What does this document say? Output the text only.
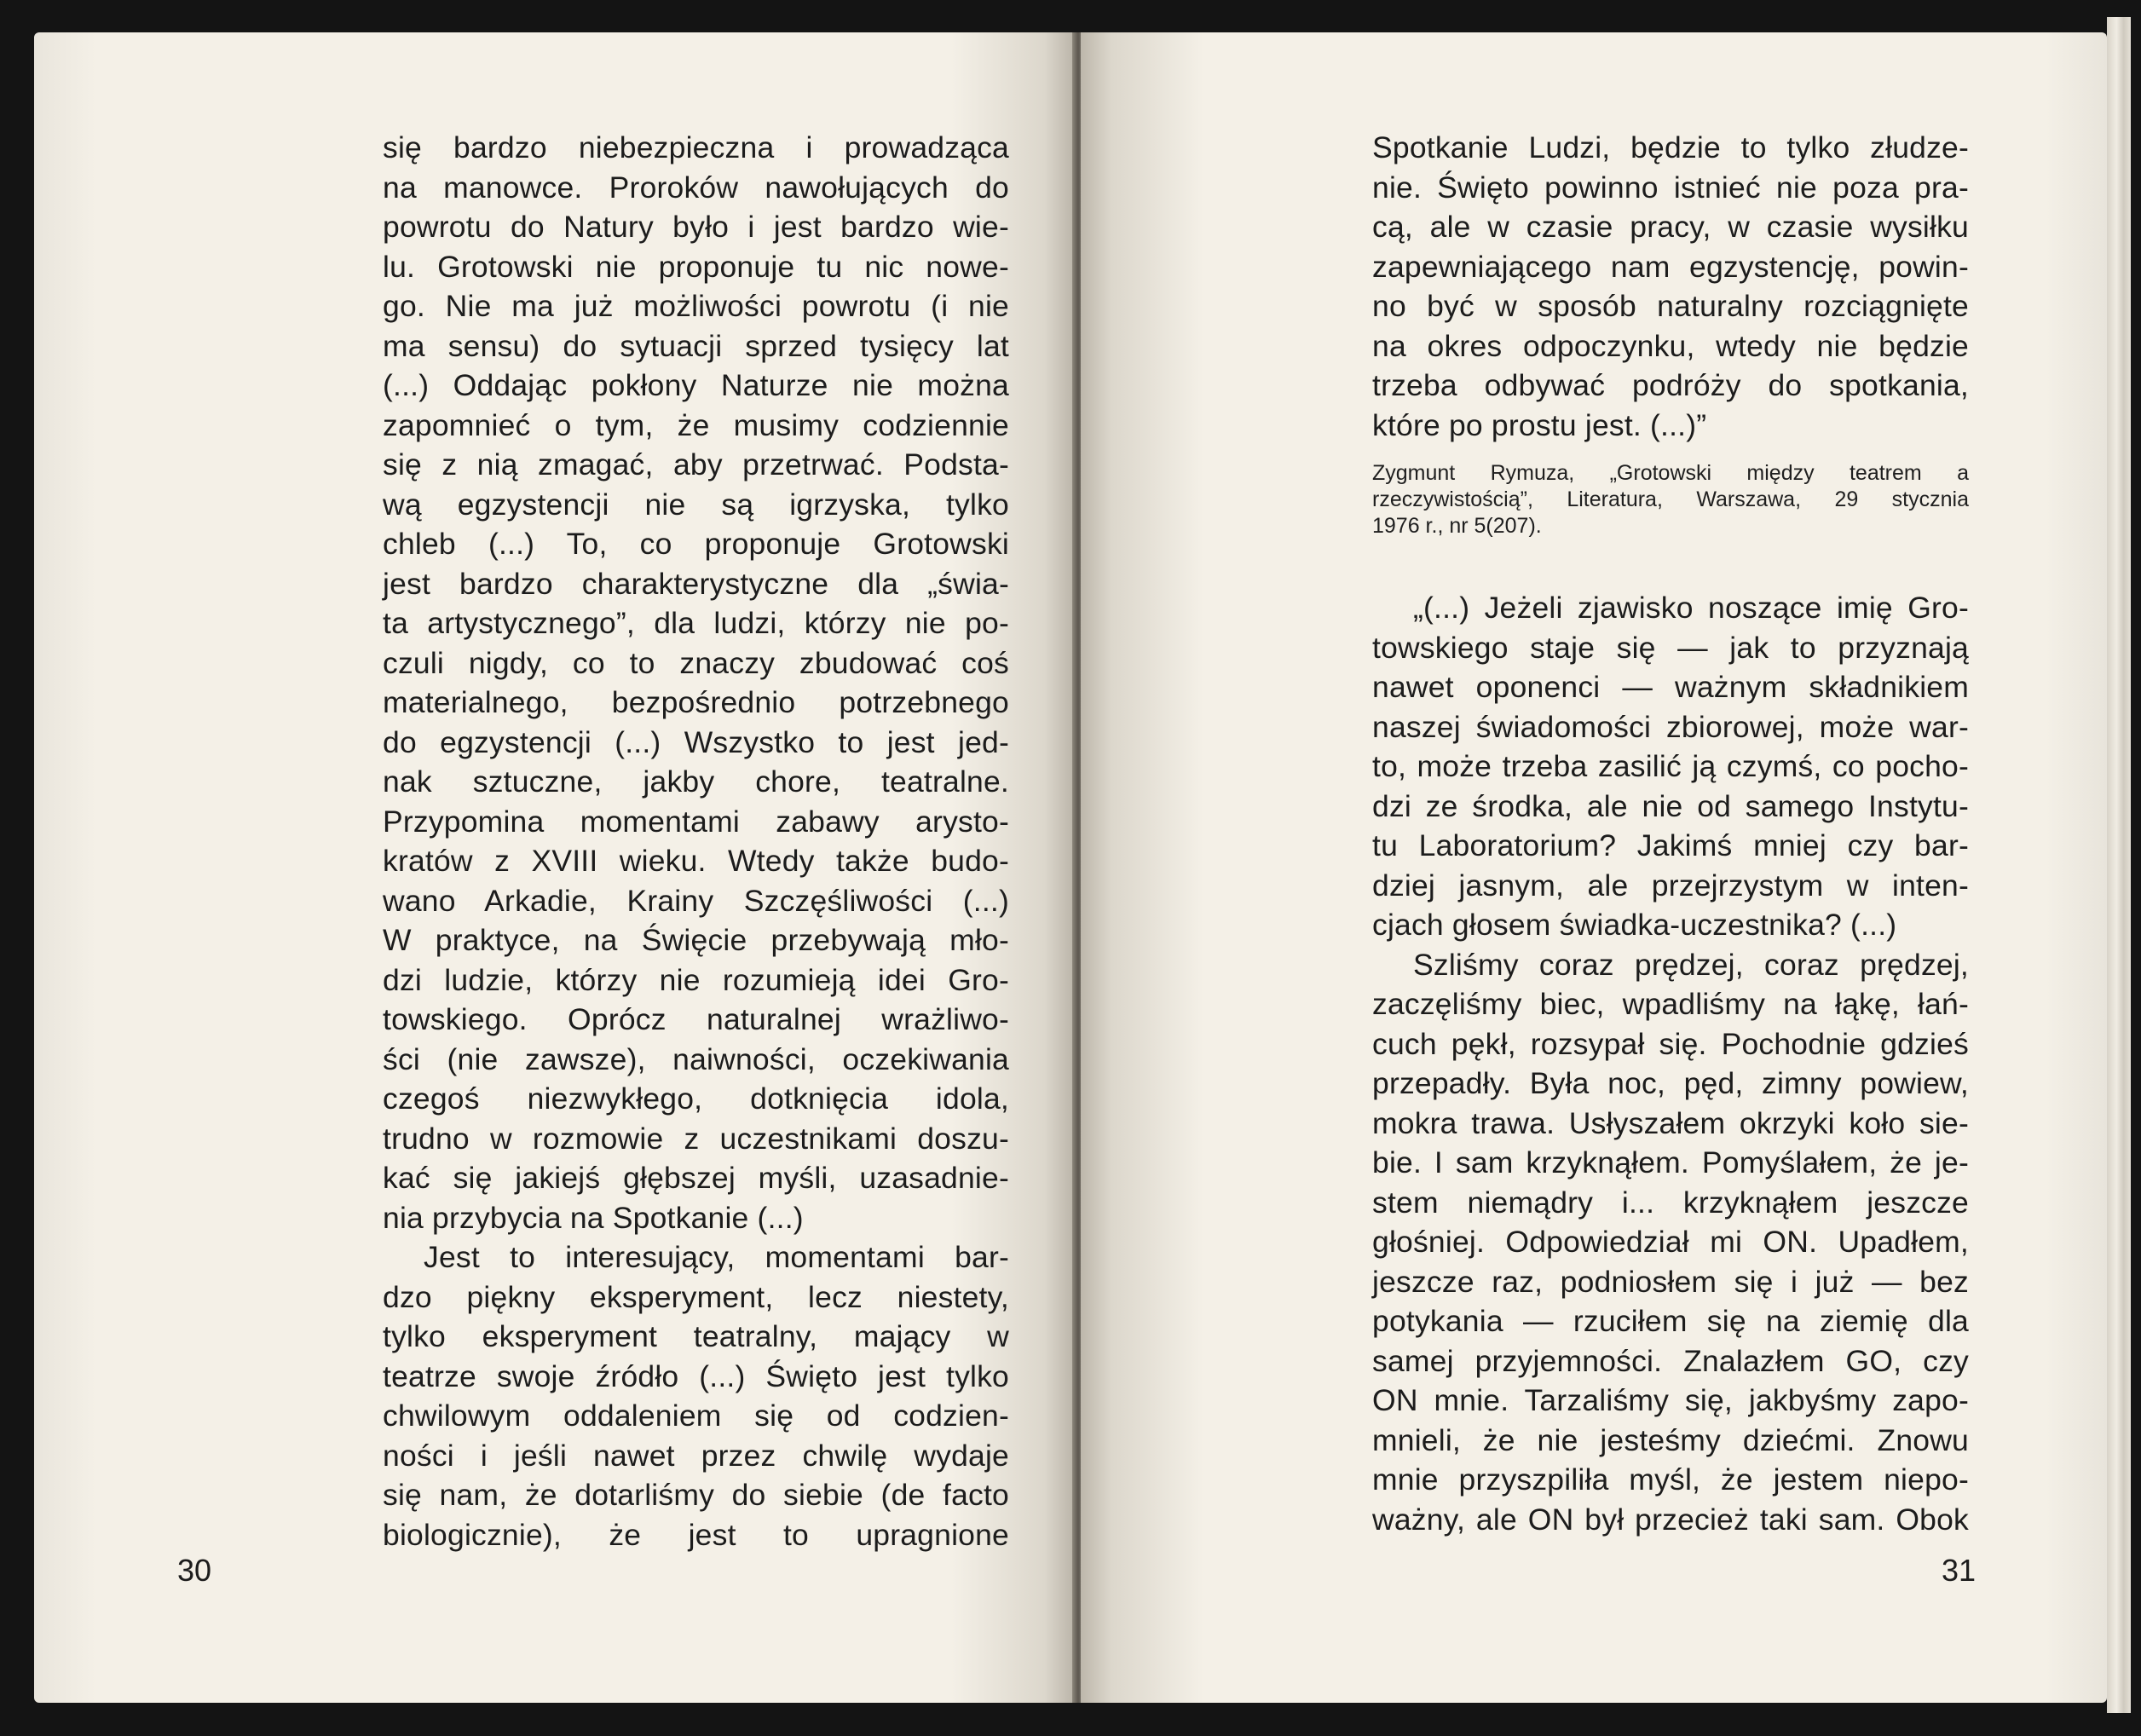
się bardzo niebezpieczna i prowadząca
na manowce. Proroków nawołujących do
powrotu do Natury było i jest bardzo wie-
lu. Grotowski nie proponuje tu nic nowe-
go. Nie ma już możliwości powrotu (i nie
ma sensu) do sytuacji sprzed tysięcy lat
(...) Oddając pokłony Naturze nie można
zapomnieć o tym, że musimy codziennie
się z nią zmagać, aby przetrwać. Podsta-
wą egzystencji nie są igrzyska, tylko
chleb (...) To, co proponuje Grotowski
jest bardzo charakterystyczne dla „świa-
ta artystycznego”, dla ludzi, którzy nie po-
czuli nigdy, co to znaczy zbudować coś
materialnego, bezpośrednio potrzebnego
do egzystencji (...) Wszystko to jest jed-
nak sztuczne, jakby chore, teatralne.
Przypomina momentami zabawy arysto-
kratów z XVIII wieku. Wtedy także budo-
wano Arkadie, Krainy Szczęśliwości (...)
W praktyce, na Święcie przebywają mło-
dzi ludzie, którzy nie rozumieją idei Gro-
towskiego. Oprócz naturalnej wrażliwo-
ści (nie zawsze), naiwności, oczekiwania
czegoś niezwykłego, dotknięcia idola,
trudno w rozmowie z uczestnikami doszu-
kać się jakiejś głębszej myśli, uzasadnie-
nia przybycia na Spotkanie (...)
Jest to interesujący, momentami bar-
dzo piękny eksperyment, lecz niestety,
tylko eksperyment teatralny, mający w
teatrze swoje źródło (...) Święto jest tylko
chwilowym oddaleniem się od codzien-
ności i jeśli nawet przez chwilę wydaje
się nam, że dotarliśmy do siebie (de facto
biologicznie), że jest to upragnione
30
Spotkanie Ludzi, będzie to tylko złudze-
nie. Święto powinno istnieć nie poza pra-
cą, ale w czasie pracy, w czasie wysiłku
zapewniającego nam egzystencję, powin-
no być w sposób naturalny rozciągnięte
na okres odpoczynku, wtedy nie będzie
trzeba odbywać podróży do spotkania,
które po prostu jest. (...)”
Zygmunt Rymuza, „Grotowski między teatrem a
rzeczywistością”, Literatura, Warszawa, 29 stycznia
1976 r., nr 5(207).
„(...) Jeżeli zjawisko noszące imię Gro-
towskiego staje się — jak to przyznają
nawet oponenci — ważnym składnikiem
naszej świadomości zbiorowej, może war-
to, może trzeba zasilić ją czymś, co pocho-
dzi ze środka, ale nie od samego Instytu-
tu Laboratorium? Jakimś mniej czy bar-
dziej jasnym, ale przejrzystym w inten-
cjach głosem świadka-uczestnika? (...)
Szliśmy coraz prędzej, coraz prędzej,
zaczęliśmy biec, wpadliśmy na łąkę, łań-
cuch pękł, rozsypał się. Pochodnie gdzieś
przepadły. Była noc, pęd, zimny powiew,
mokra trawa. Usłyszałem okrzyki koło sie-
bie. I sam krzyknąłem. Pomyślałem, że je-
stem niemądry i... krzyknąłem jeszcze
głośniej. Odpowiedział mi ON. Upadłem,
jeszcze raz, podniosłem się i już — bez
potykania — rzuciłem się na ziemię dla
samej przyjemności. Znalazłem GO, czy
ON mnie. Tarzaliśmy się, jakbyśmy zapo-
mnieli, że nie jesteśmy dziećmi. Znowu
mnie przyszpiliła myśl, że jestem niepo-
ważny, ale ON był przecież taki sam. Obok
31
